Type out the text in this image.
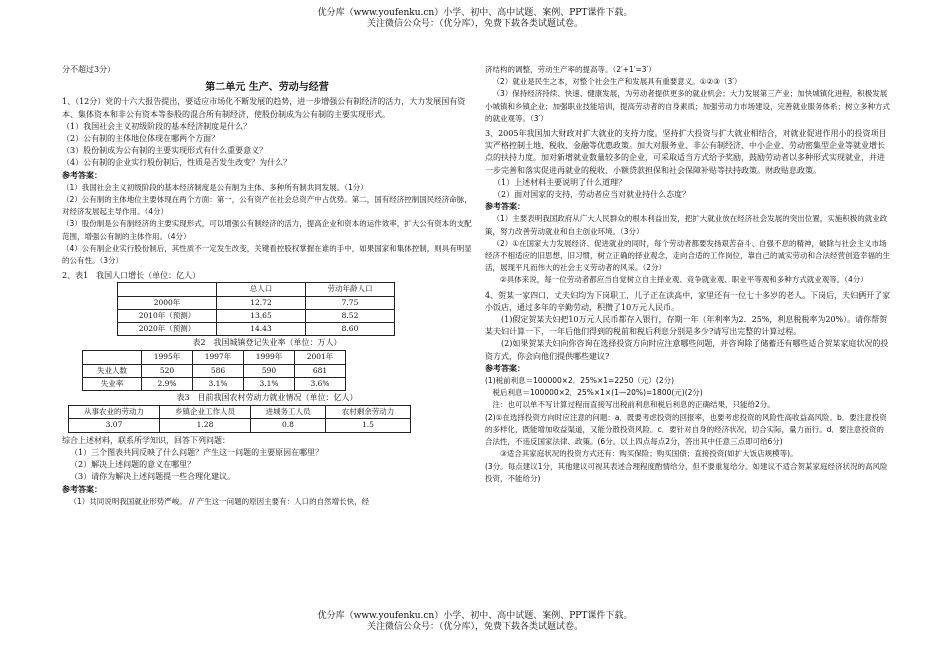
优分库（www.youfenku.cn）小学、初中、高中试题、案例、PPT课件下载。
关注微信公众号：（优分库），免费下载各类试题试卷。

分不超过3分）

第二单元 生产、劳动与经营

1、（12分）党的十六大报告提出，要适应市场化不断发展的趋势，进一步增强公有制经济的活力，大力发展国有资本、集体资本和非公有资本等参股的混合所有制经济，使股份制成为公有制的主要实现形式。

（1）我国社会主义初级阶段的基本经济制度是什么？

（2）公有制的主体地位体现在哪两个方面？

（3）股份制成为公有制的主要实现形式有什么重要意义？

（4）公有制的企业实行股份制后，性质是否发生改变？为什么？

参考答案：

（1）我国社会主义初级阶段的基本经济制度是公有制为主体、多种所有制共同发展。（1分）

（2）公有制的主体地位主要体现在两个方面：第一，公有资产在社会总资产中占优势。第二，国有经济控制国民经济命脉，对经济发展起主导作用。（4分）

（3）股份制是公有制经济的主要实现形式，可以增强公有制经济的活力，提高企业和资本的运作效率，扩大公有资本的支配范围，增强公有制的主体作用。（4分）

（4）公有制企业实行股份制后，其性质不一定发生改变，关键看控股权掌握在谁的手中，如果国家和集体控制，则具有明显的公有性。（3分）

2、表1　我国人口增长（单位：亿人）

	总人口	劳动年龄人口
2000年	12.72	7.75
2010年（预测）	13.65	8.52
2020年（预测）	14.43	8.60

表2　我国城镇登记失业率（单位：万人）

	1995年	1997年	1999年	2001年
失业人数	520	586	590	681
失业率	2.9%	3.1%	3.1%	3.6%

表3　目前我国农村劳动力就业情况（单位：亿人）

从事农业的劳动力	乡镇企业工作人员	进城务工人员	农村剩余劳动力
3.07	1.28	0.8	1.5

综合上述材料，联系所学知识，回答下列问题：

（1）三个图表共同反映了什么问题？产生这一问题的主要原因在哪里？

（2）解决上述问题的意义在哪里？

（3）请你为解决上述问题提一些合理化建议。

参考答案：

（1）共同说明我国就业形势严峻。 // 产生这一问题的原因主要有：人口的自然增长快，经

济结构的调整，劳动生产率的提高等。（2′+1′=3′）

（2）就业是民生之本，对整个社会生产和发展具有重要意义。①②③（3′）

（3）保持经济持续、快速、健康发展，为劳动者提供更多的就业机会；大力发展第三产业；加快城镇化进程，积极发展小城镇和乡镇企业；加强职业技能培训，提高劳动者的自身素质；加强劳动力市场建设，完善就业服务体系；树立多种方式的就业观等。（3′）

3、2005年我国加大财政对扩大就业的支持力度。坚持扩大投资与扩大就业相结合，对就业促进作用小的投资项目实严格控制土地、税收、金融等优惠政策。加大对服务业、非公有制经济、中小企业、劳动密集型企业等就业增长点的扶持力度。加对新增就业数量较多的企业，可采取适当方式给予奖励，鼓励劳动者以多种形式实现就业，并进一步完善和落实促进再就业的税收、小额贷款担保和社会保障补贴等扶持政策。财政贴息政策。

（1）上述材料主要说明了什么道理？

（2）面对国家的支持，劳动者应当对就业持什么态度？

参考答案：

（1）主要表明我国政府从广大人民群众的根本利益出发，把扩大就业放在经济社会发展的突出位置，实施积极的就业政策，努力改善劳动就业和自主创业环境。（3分）

（2）①在国家大力发展经济、促进就业的同时，每个劳动者都要发扬艰苦奋斗、自强不息的精神，破除与社会主义市场经济不相适应的旧思想、旧习惯，树立正确的择业观念，走向合适的工作岗位，靠自己的诚实劳动和合法经营创造幸福的生活，展现平凡而伟大的社会主义劳动者的风采。（2分）

②具体来说，每一位劳动者都应当自觉树立自主择业观、竞争就业观、职业平等观和多种方式就业观等。（4分）

4、贺某一家四口，丈夫妇均为下岗职工，儿子正在读高中，家里还有一位七十多岁的老人。下岗后，夫妇俩开了家小饭店，通过多年的辛勤劳动，积攒了10万元人民币。

(1)假定贺某夫妇把10万元人民币都存入银行，存期一年（年利率为2．25%，利息税税率为20%）。请你帮贺某夫妇计算一下，一年后他们得到的税前和税后利息分别是多少?请写出完整的计算过程。

(2)如果贺某夫妇向你咨询在选择投资方向时应注意哪些问题，并咨询除了储蓄还有哪些适合贺某家庭状况的投资方式，你会向他们提供哪些建议?

参考答案：

(1)税前利息＝100000×2．25%×1=2250（元）(2分)

税后利息＝100000×2．25%×1×(1—20%)=1800(元)(2分)

注：也可以单不写计算过程而直接写出税前利息和税后利息的正确结果，只能给2分。

(2)①在选择投资方向时应注意的问题：a．既要考虑投资的回报率，也要考虑投资的风险性高收益高风险。b．要注意投资的多样化，既能增加收益渠道，又能分散投资风险。c．要针对自身的经济状况，切合实际，量力而行。d．要注意投资的合法性，不违反国家法律、政策。(6分。以上四点每点2分，答出其中任意三点即可给6分)

③适合其家庭状况的投资方式还有：购买保险；购买国债；直接投资(如扩大饭店规模等)。

(3分。每点建议1分，其他建议可视其表述合理程度酌情给分，但不要重复给分。如建议不适合贺某家庭经济状况的高风险投资，不能给分)

优分库（www.youfenku.cn）小学、初中、高中试题、案例、PPT课件下载。
关注微信公众号：（优分库），免费下载各类试题试卷。
